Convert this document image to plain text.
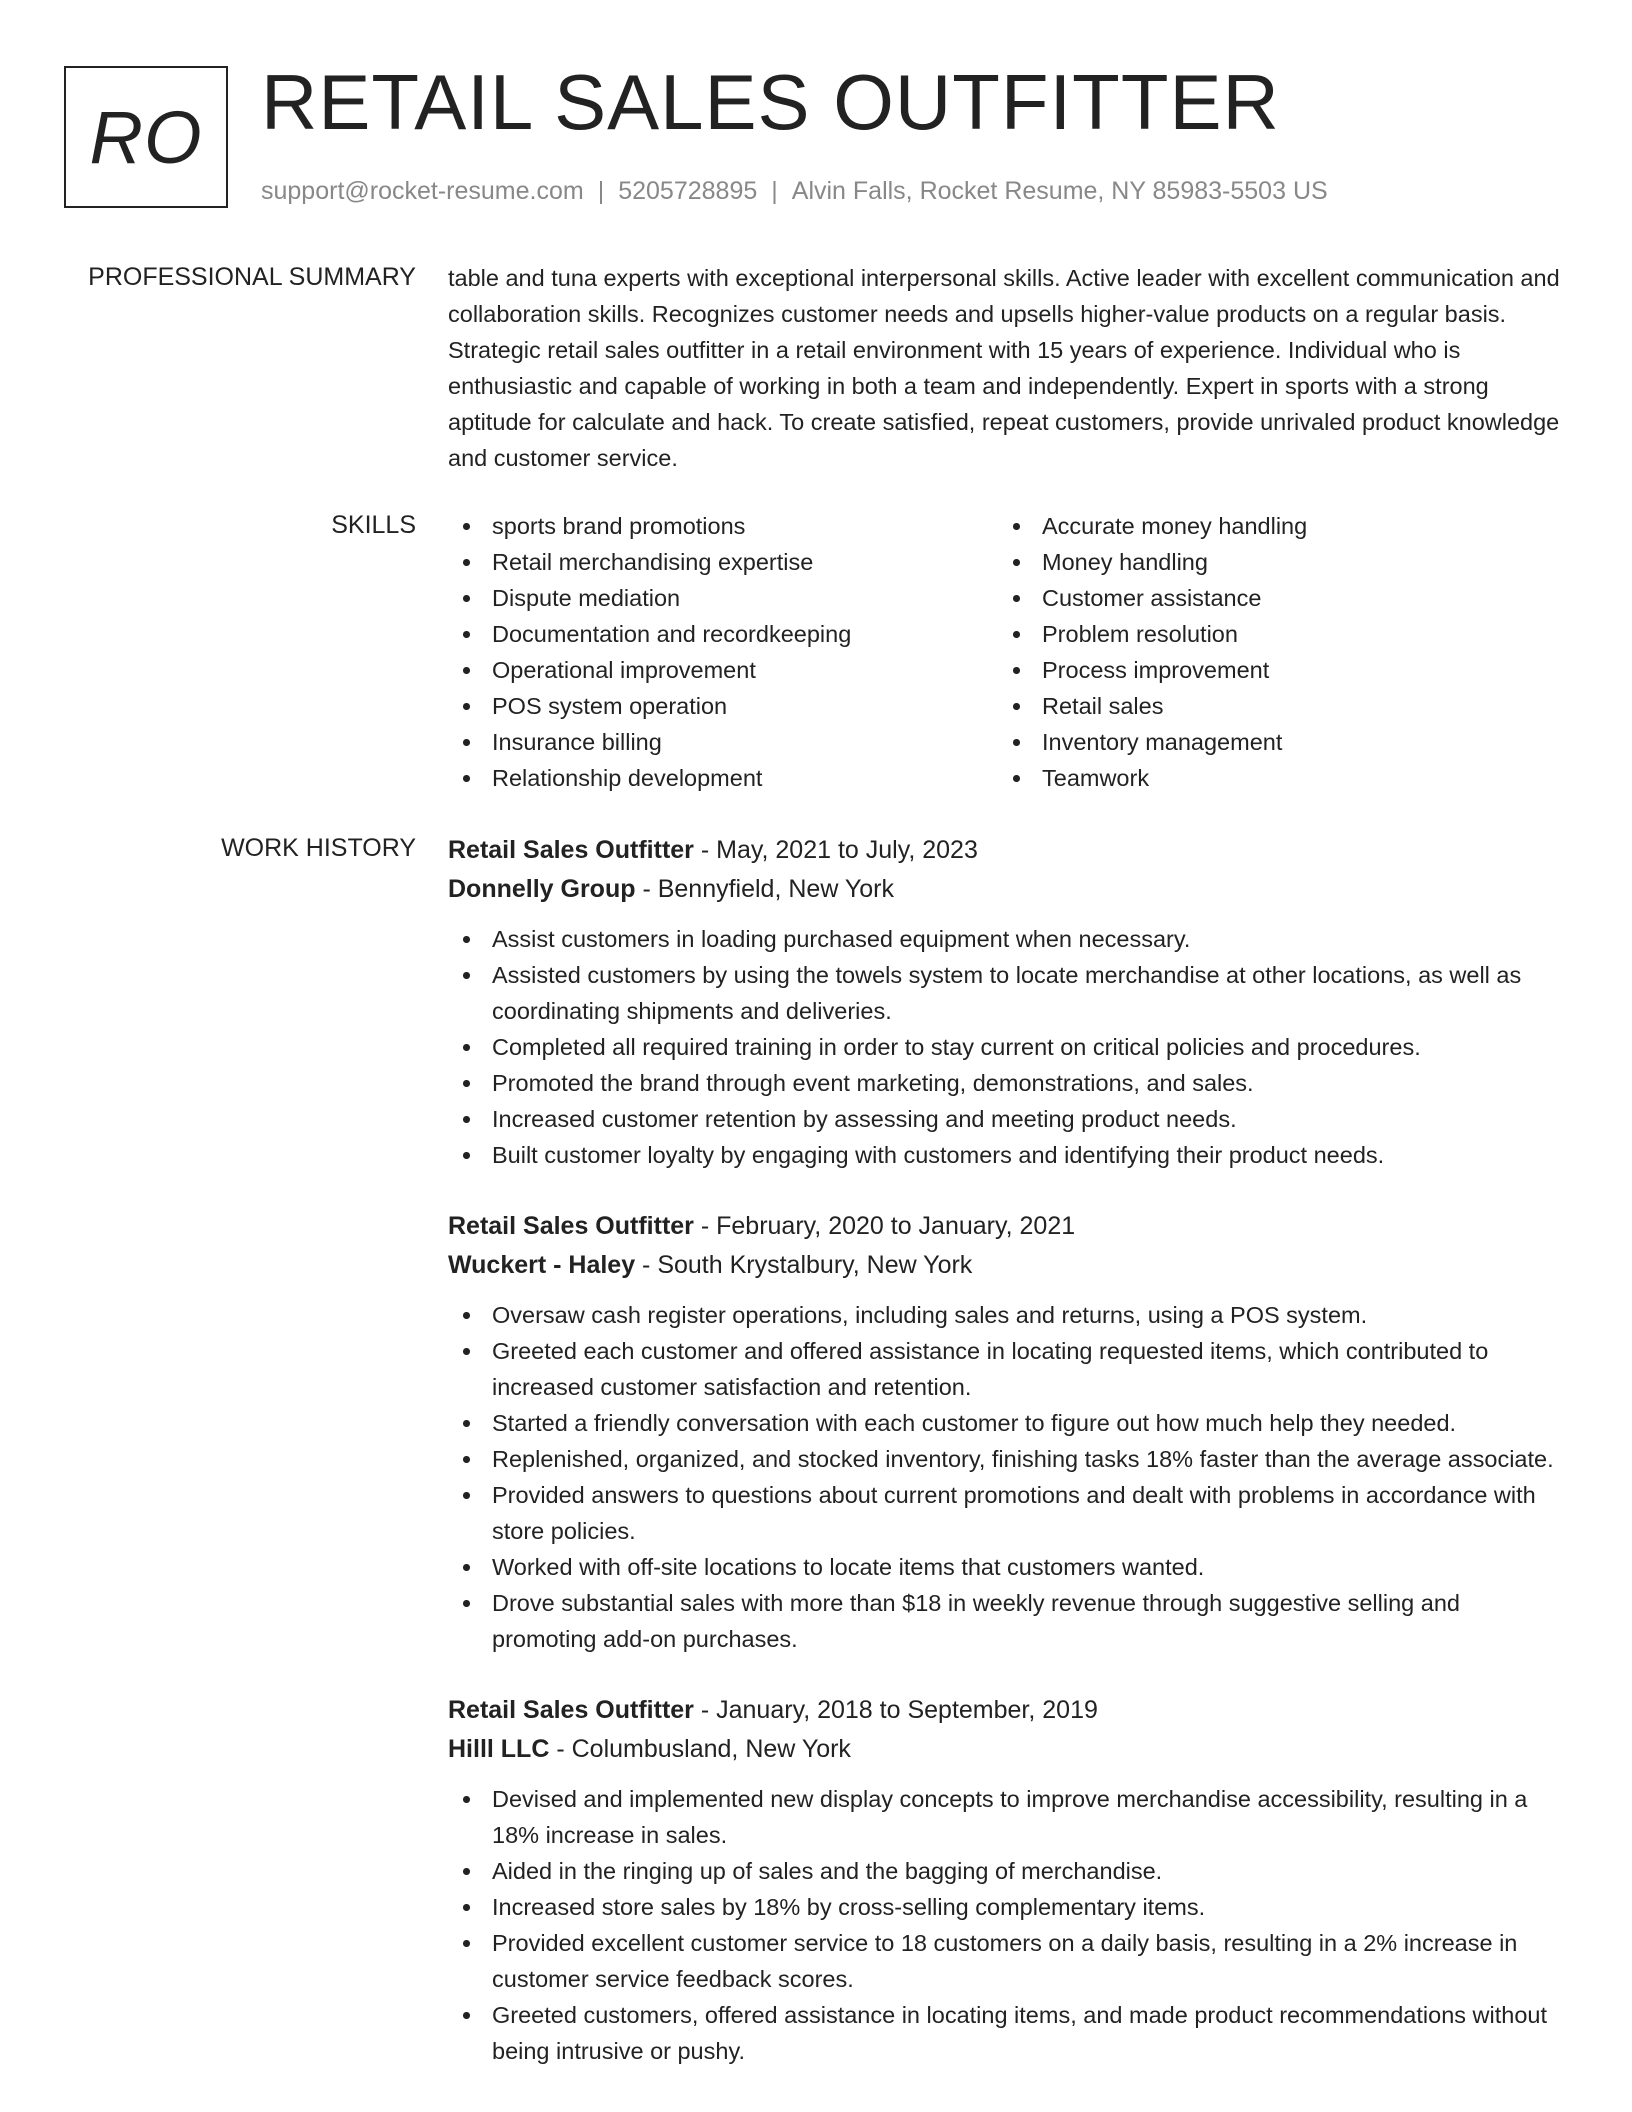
RO RETAIL SALES OUTFITTER
support@rocket-resume.com | 5205728895 | Alvin Falls, Rocket Resume, NY 85983-5503 US
PROFESSIONAL SUMMARY table and tuna experts with exceptional interpersonal skills. Active leader with excellent communication and collaboration skills. Recognizes customer needs and upsells higher-value products on a regular basis. Strategic retail sales outfitter in a retail environment with 15 years of experience. Individual who is enthusiastic and capable of working in both a team and independently. Expert in sports with a strong aptitude for calculate and hack. To create satisfied, repeat customers, provide unrivaled product knowledge and customer service.

SKILLS	sports brand promotions
Retail merchandising expertise
Dispute mediation
Documentation and recordkeeping
Operational improvement
POS system operation
Insurance billing
Relationship development
Accurate money handling
Money handling
Customer assistance
Problem resolution
Process improvement
Retail sales
Inventory management
Teamwork
WORK HISTORY Retail Sales Outfitter - May, 2021 to July, 2023
Donnelly Group - Bennyfield, New York
Assist customers in loading purchased equipment when necessary.
Assisted customers by using the towels system to locate merchandise at other locations, as well as coordinating shipments and deliveries.
Completed all required training in order to stay current on critical policies and procedures.
Promoted the brand through event marketing, demonstrations, and sales.
Increased customer retention by assessing and meeting product needs.
Built customer loyalty by engaging with customers and identifying their product needs.
Retail Sales Outfitter - February, 2020 to January, 2021
Wuckert - Haley - South Krystalbury, New York
Oversaw cash register operations, including sales and returns, using a POS system.
Greeted each customer and offered assistance in locating requested items, which contributed to increased customer satisfaction and retention.
Started a friendly conversation with each customer to figure out how much help they needed.
Replenished, organized, and stocked inventory, finishing tasks 18% faster than the average associate.
Provided answers to questions about current promotions and dealt with problems in accordance with store policies.
Worked with off-site locations to locate items that customers wanted.
Drove substantial sales with more than $18 in weekly revenue through suggestive selling and promoting add-on purchases.
Retail Sales Outfitter - January, 2018 to September, 2019
Hilll LLC - Columbusland, New York
Devised and implemented new display concepts to improve merchandise accessibility, resulting in a 18% increase in sales.
Aided in the ringing up of sales and the bagging of merchandise.
Increased store sales by 18% by cross-selling complementary items.
Provided excellent customer service to 18 customers on a daily basis, resulting in a 2% increase in customer service feedback scores.
Greeted customers, offered assistance in locating items, and made product recommendations without being intrusive or pushy.
